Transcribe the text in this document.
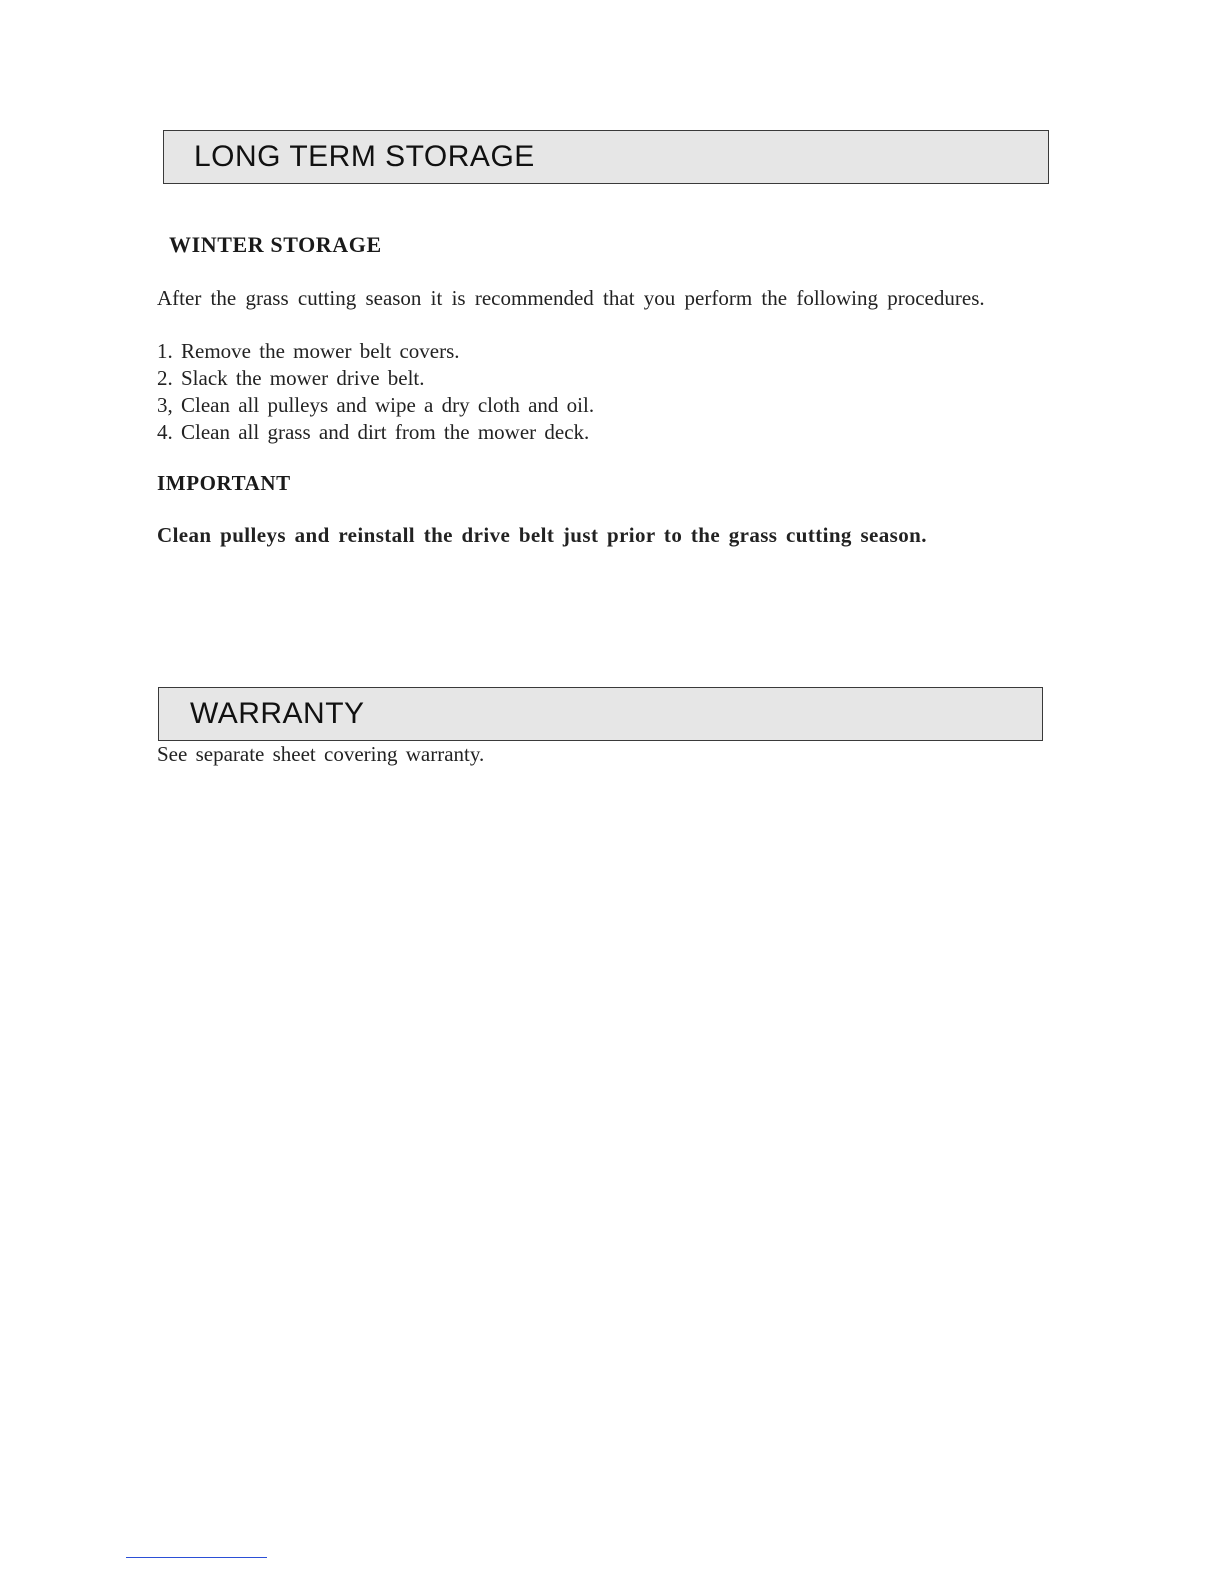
LONG TERM STORAGE
WINTER STORAGE
After the grass cutting season it is recommended that you perform the following procedures.
1. Remove the mower belt covers.
2. Slack the mower drive belt.
3, Clean all pulleys and wipe a dry cloth and oil.
4. Clean all grass and dirt from the mower deck.
IMPORTANT
Clean pulleys and reinstall the drive belt just prior to the grass cutting season.
WARRANTY
See separate sheet covering warranty.
